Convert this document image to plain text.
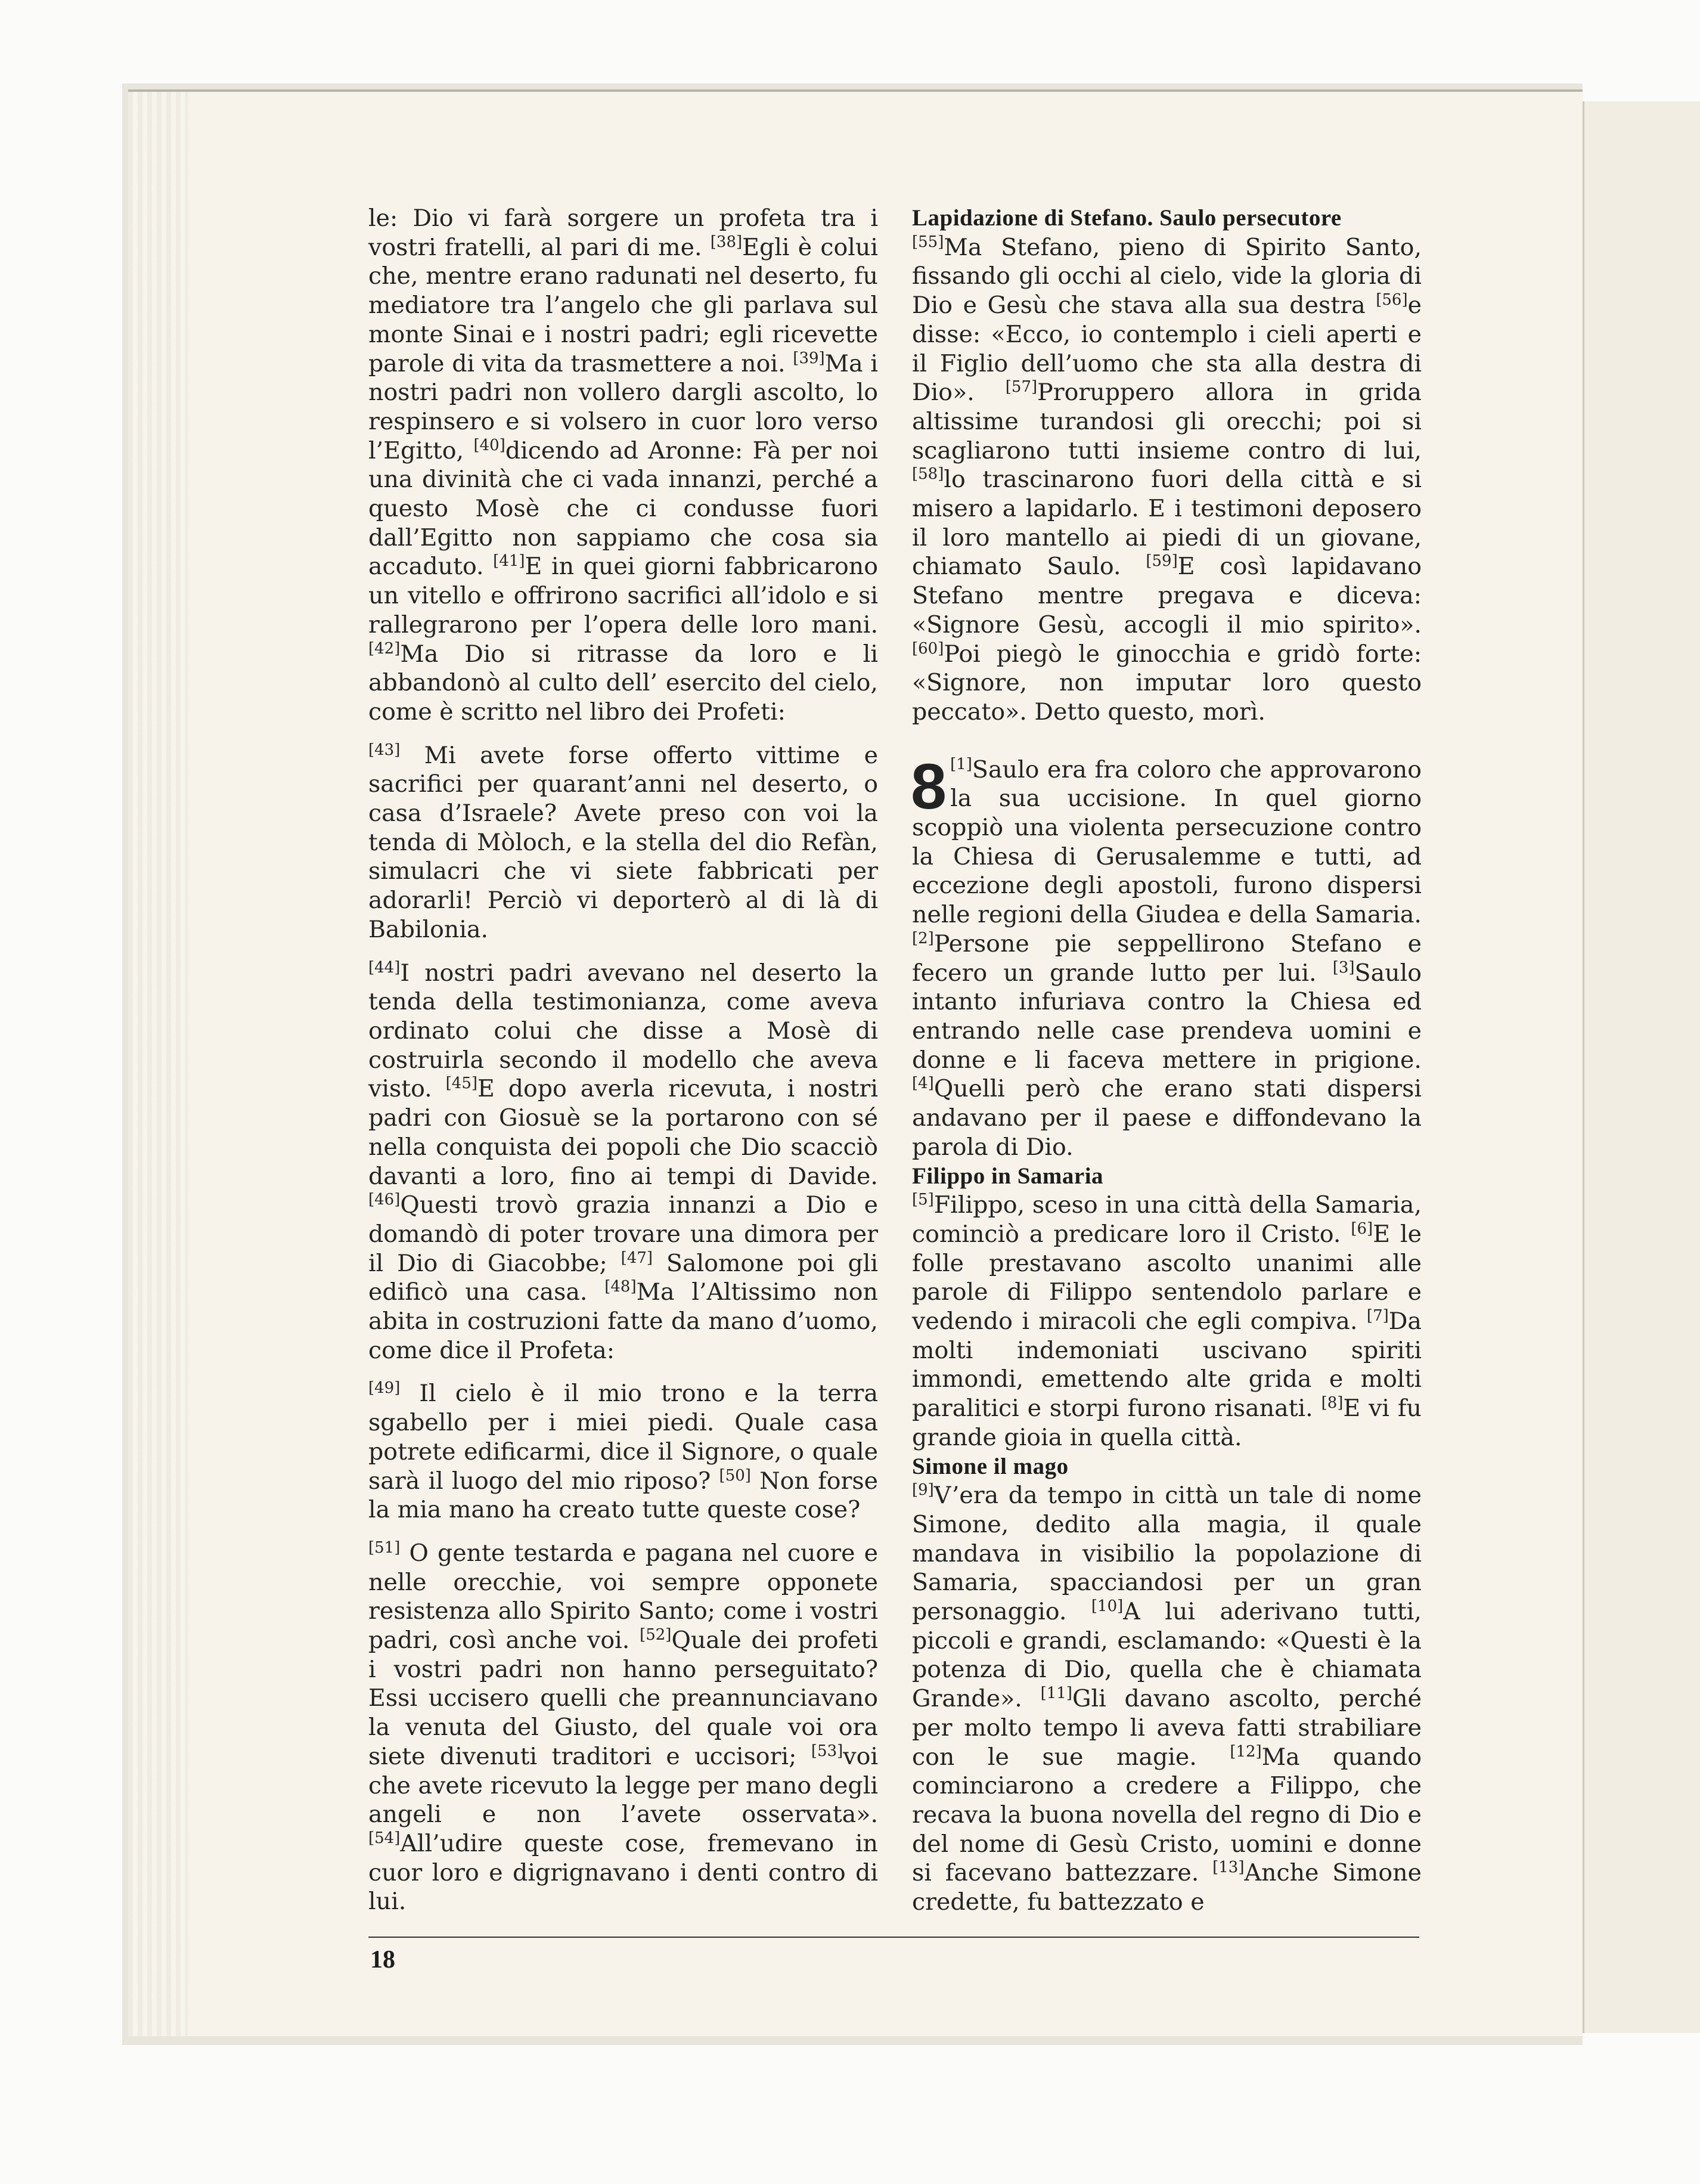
le: Dio vi farà sorgere un profeta tra i vostri fratelli, al pari di me. [38]Egli è colui che, mentre erano radunati nel deserto, fu mediatore tra l’angelo che gli parlava sul monte Sinai e i nostri padri; egli ricevette parole di vita da trasmettere a noi. [39]Ma i nostri padri non vollero dargli ascolto, lo respinsero e si volsero in cuor loro verso l’Egitto, [40]dicendo ad Aronne: Fà per noi una divinità che ci vada innanzi, perché a questo Mosè che ci condusse fuori dall’Egitto non sappiamo che cosa sia accaduto. [41]E in quei giorni fabbricarono un vitello e offrirono sacrifici all’idolo e si rallegrarono per l’opera delle loro mani. [42]Ma Dio si ritrasse da loro e li abbandonò al culto dell’ esercito del cielo, come è scritto nel libro dei Profeti:

[43] Mi avete forse offerto vittime e sacrifici per quarant’anni nel deserto, o casa d’Israele? Avete preso con voi la tenda di Mòloch, e la stella del dio Refàn, simulacri che vi siete fabbricati per adorarli! Perciò vi deporterò al di là di Babilonia.

[44]I nostri padri avevano nel deserto la tenda della testimonianza, come aveva ordinato colui che disse a Mosè di costruirla secondo il modello che aveva visto. [45]E dopo averla ricevuta, i nostri padri con Giosuè se la portarono con sé nella conquista dei popoli che Dio scacciò davanti a loro, fino ai tempi di Davide. [46]Questi trovò grazia innanzi a Dio e domandò di poter trovare una dimora per il Dio di Giacobbe; [47] Salomone poi gli edificò una casa. [48]Ma l’Altissimo non abita in costruzioni fatte da mano d’uomo, come dice il Profeta:

[49] Il cielo è il mio trono e la terra sgabello per i miei piedi. Quale casa potrete edificarmi, dice il Signore, o quale sarà il luogo del mio riposo? [50] Non forse la mia mano ha creato tutte queste cose?

[51] O gente testarda e pagana nel cuore e nelle orecchie, voi sempre opponete resistenza allo Spirito Santo; come i vostri padri, così anche voi. [52]Quale dei profeti i vostri padri non hanno perseguitato? Essi uccisero quelli che preannunciavano la venuta del Giusto, del quale voi ora siete divenuti traditori e uccisori; [53]voi che avete ricevuto la legge per mano degli angeli e non l’avete osservata». [54]All’udire queste cose, fremevano in cuor loro e digrignavano i denti contro di lui.

Lapidazione di Stefano. Saulo persecutore

[55]Ma Stefano, pieno di Spirito Santo, fissando gli occhi al cielo, vide la gloria di Dio e Gesù che stava alla sua destra [56]e disse: «Ecco, io contemplo i cieli aperti e il Figlio dell’uomo che sta alla destra di Dio». [57]Proruppero allora in grida altissime turandosi gli orecchi; poi si scagliarono tutti insieme contro di lui, [58]lo trascinarono fuori della città e si misero a lapidarlo. E i testimoni deposero il loro mantello ai piedi di un giovane, chiamato Saulo. [59]E così lapidavano Stefano mentre pregava e diceva: «Signore Gesù, accogli il mio spirito». [60]Poi piegò le ginocchia e gridò forte: «Signore, non imputar loro questo peccato». Detto questo, morì.

8 [1]Saulo era fra coloro che approvarono la sua uccisione. In quel giorno scoppiò una violenta persecuzione contro la Chiesa di Gerusalemme e tutti, ad eccezione degli apostoli, furono dispersi nelle regioni della Giudea e della Samaria. [2]Persone pie seppellirono Stefano e fecero un grande lutto per lui. [3]Saulo intanto infuriava contro la Chiesa ed entrando nelle case prendeva uomini e donne e li faceva mettere in prigione. [4]Quelli però che erano stati dispersi andavano per il paese e diffondevano la parola di Dio.

Filippo in Samaria

[5]Filippo, sceso in una città della Samaria, cominciò a predicare loro il Cristo. [6]E le folle prestavano ascolto unanimi alle parole di Filippo sentendolo parlare e vedendo i miracoli che egli compiva. [7]Da molti indemoniati uscivano spiriti immondi, emettendo alte grida e molti paralitici e storpi furono risanati. [8]E vi fu grande gioia in quella città.

Simone il mago

[9]V’era da tempo in città un tale di nome Simone, dedito alla magia, il quale mandava in visibilio la popolazione di Samaria, spacciandosi per un gran personaggio. [10]A lui aderivano tutti, piccoli e grandi, esclamando: «Questi è la potenza di Dio, quella che è chiamata Grande». [11]Gli davano ascolto, perché per molto tempo li aveva fatti strabiliare con le sue magie. [12]Ma quando cominciarono a credere a Filippo, che recava la buona novella del regno di Dio e del nome di Gesù Cristo, uomini e donne si facevano battezzare. [13]Anche Simone credette, fu battezzato e

18
